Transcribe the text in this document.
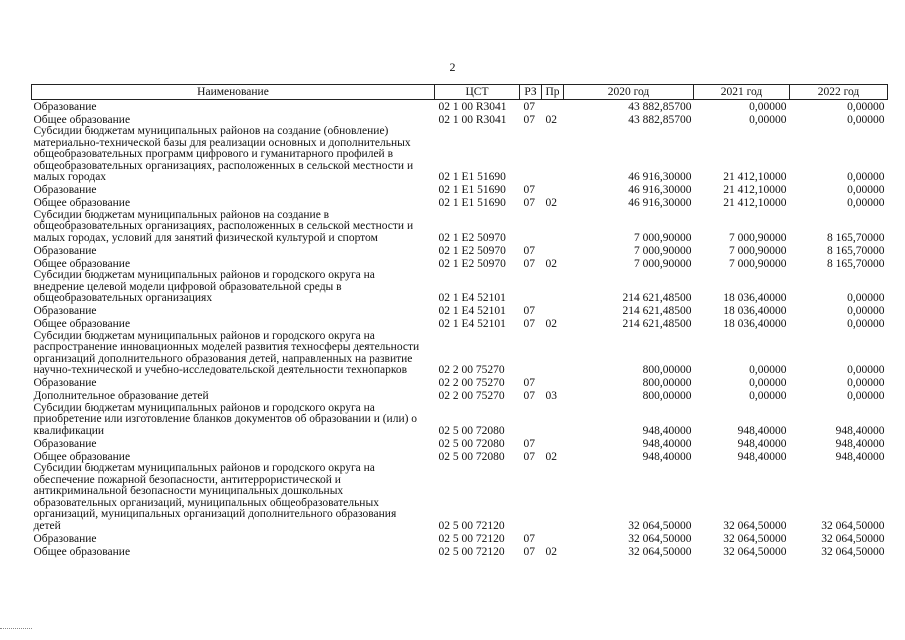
2
Наименование	ЦСТ	РЗ	Пр	2020 год	2021 год	2022 год
Образование	02 1 00 R3041	07		43 882,85700	0,00000	0,00000
Общее образование	02 1 00 R3041	07	02	43 882,85700	0,00000	0,00000
Субсидии бюджетам муниципальных районов на создание (обновление) материально-технической базы для реализации основных и дополнительных общеобразовательных программ цифрового и гуманитарного профилей в общеобразовательных организациях, расположенных в сельской местности и малых городах	02 1 E1 51690			46 916,30000	21 412,10000	0,00000
Образование	02 1 E1 51690	07		46 916,30000	21 412,10000	0,00000
Общее образование	02 1 E1 51690	07	02	46 916,30000	21 412,10000	0,00000
Субсидии бюджетам муниципальных районов на создание в общеобразовательных организациях, расположенных в сельской местности и малых городах, условий для занятий физической культурой и спортом	02 1 E2 50970			7 000,90000	7 000,90000	8 165,70000
Образование	02 1 E2 50970	07		7 000,90000	7 000,90000	8 165,70000
Общее образование	02 1 E2 50970	07	02	7 000,90000	7 000,90000	8 165,70000
Субсидии бюджетам муниципальных районов и городского округа на внедрение целевой модели цифровой образовательной среды в общеобразовательных организациях	02 1 E4 52101			214 621,48500	18 036,40000	0,00000
Образование	02 1 E4 52101	07		214 621,48500	18 036,40000	0,00000
Общее образование	02 1 E4 52101	07	02	214 621,48500	18 036,40000	0,00000
Субсидии бюджетам муниципальных районов и городского округа на распространение инновационных моделей развития техносферы деятельности организаций дополнительного образования детей, направленных на развитие научно-технической и учебно-исследовательской деятельности технопарков	02 2 00 75270			800,00000	0,00000	0,00000
Образование	02 2 00 75270	07		800,00000	0,00000	0,00000
Дополнительное образование детей	02 2 00 75270	07	03	800,00000	0,00000	0,00000
Субсидии бюджетам муниципальных районов и городского округа на приобретение или изготовление бланков документов об образовании и (или) о квалификации	02 5 00 72080			948,40000	948,40000	948,40000
Образование	02 5 00 72080	07		948,40000	948,40000	948,40000
Общее образование	02 5 00 72080	07	02	948,40000	948,40000	948,40000
Субсидии бюджетам муниципальных районов и городского округа на обеспечение пожарной безопасности, антитеррористической и антикриминальной безопасности муниципальных дошкольных образовательных организаций, муниципальных общеобразовательных организаций, муниципальных организаций дополнительного образования детей	02 5 00 72120			32 064,50000	32 064,50000	32 064,50000
Образование	02 5 00 72120	07		32 064,50000	32 064,50000	32 064,50000
Общее образование	02 5 00 72120	07	02	32 064,50000	32 064,50000	32 064,50000
